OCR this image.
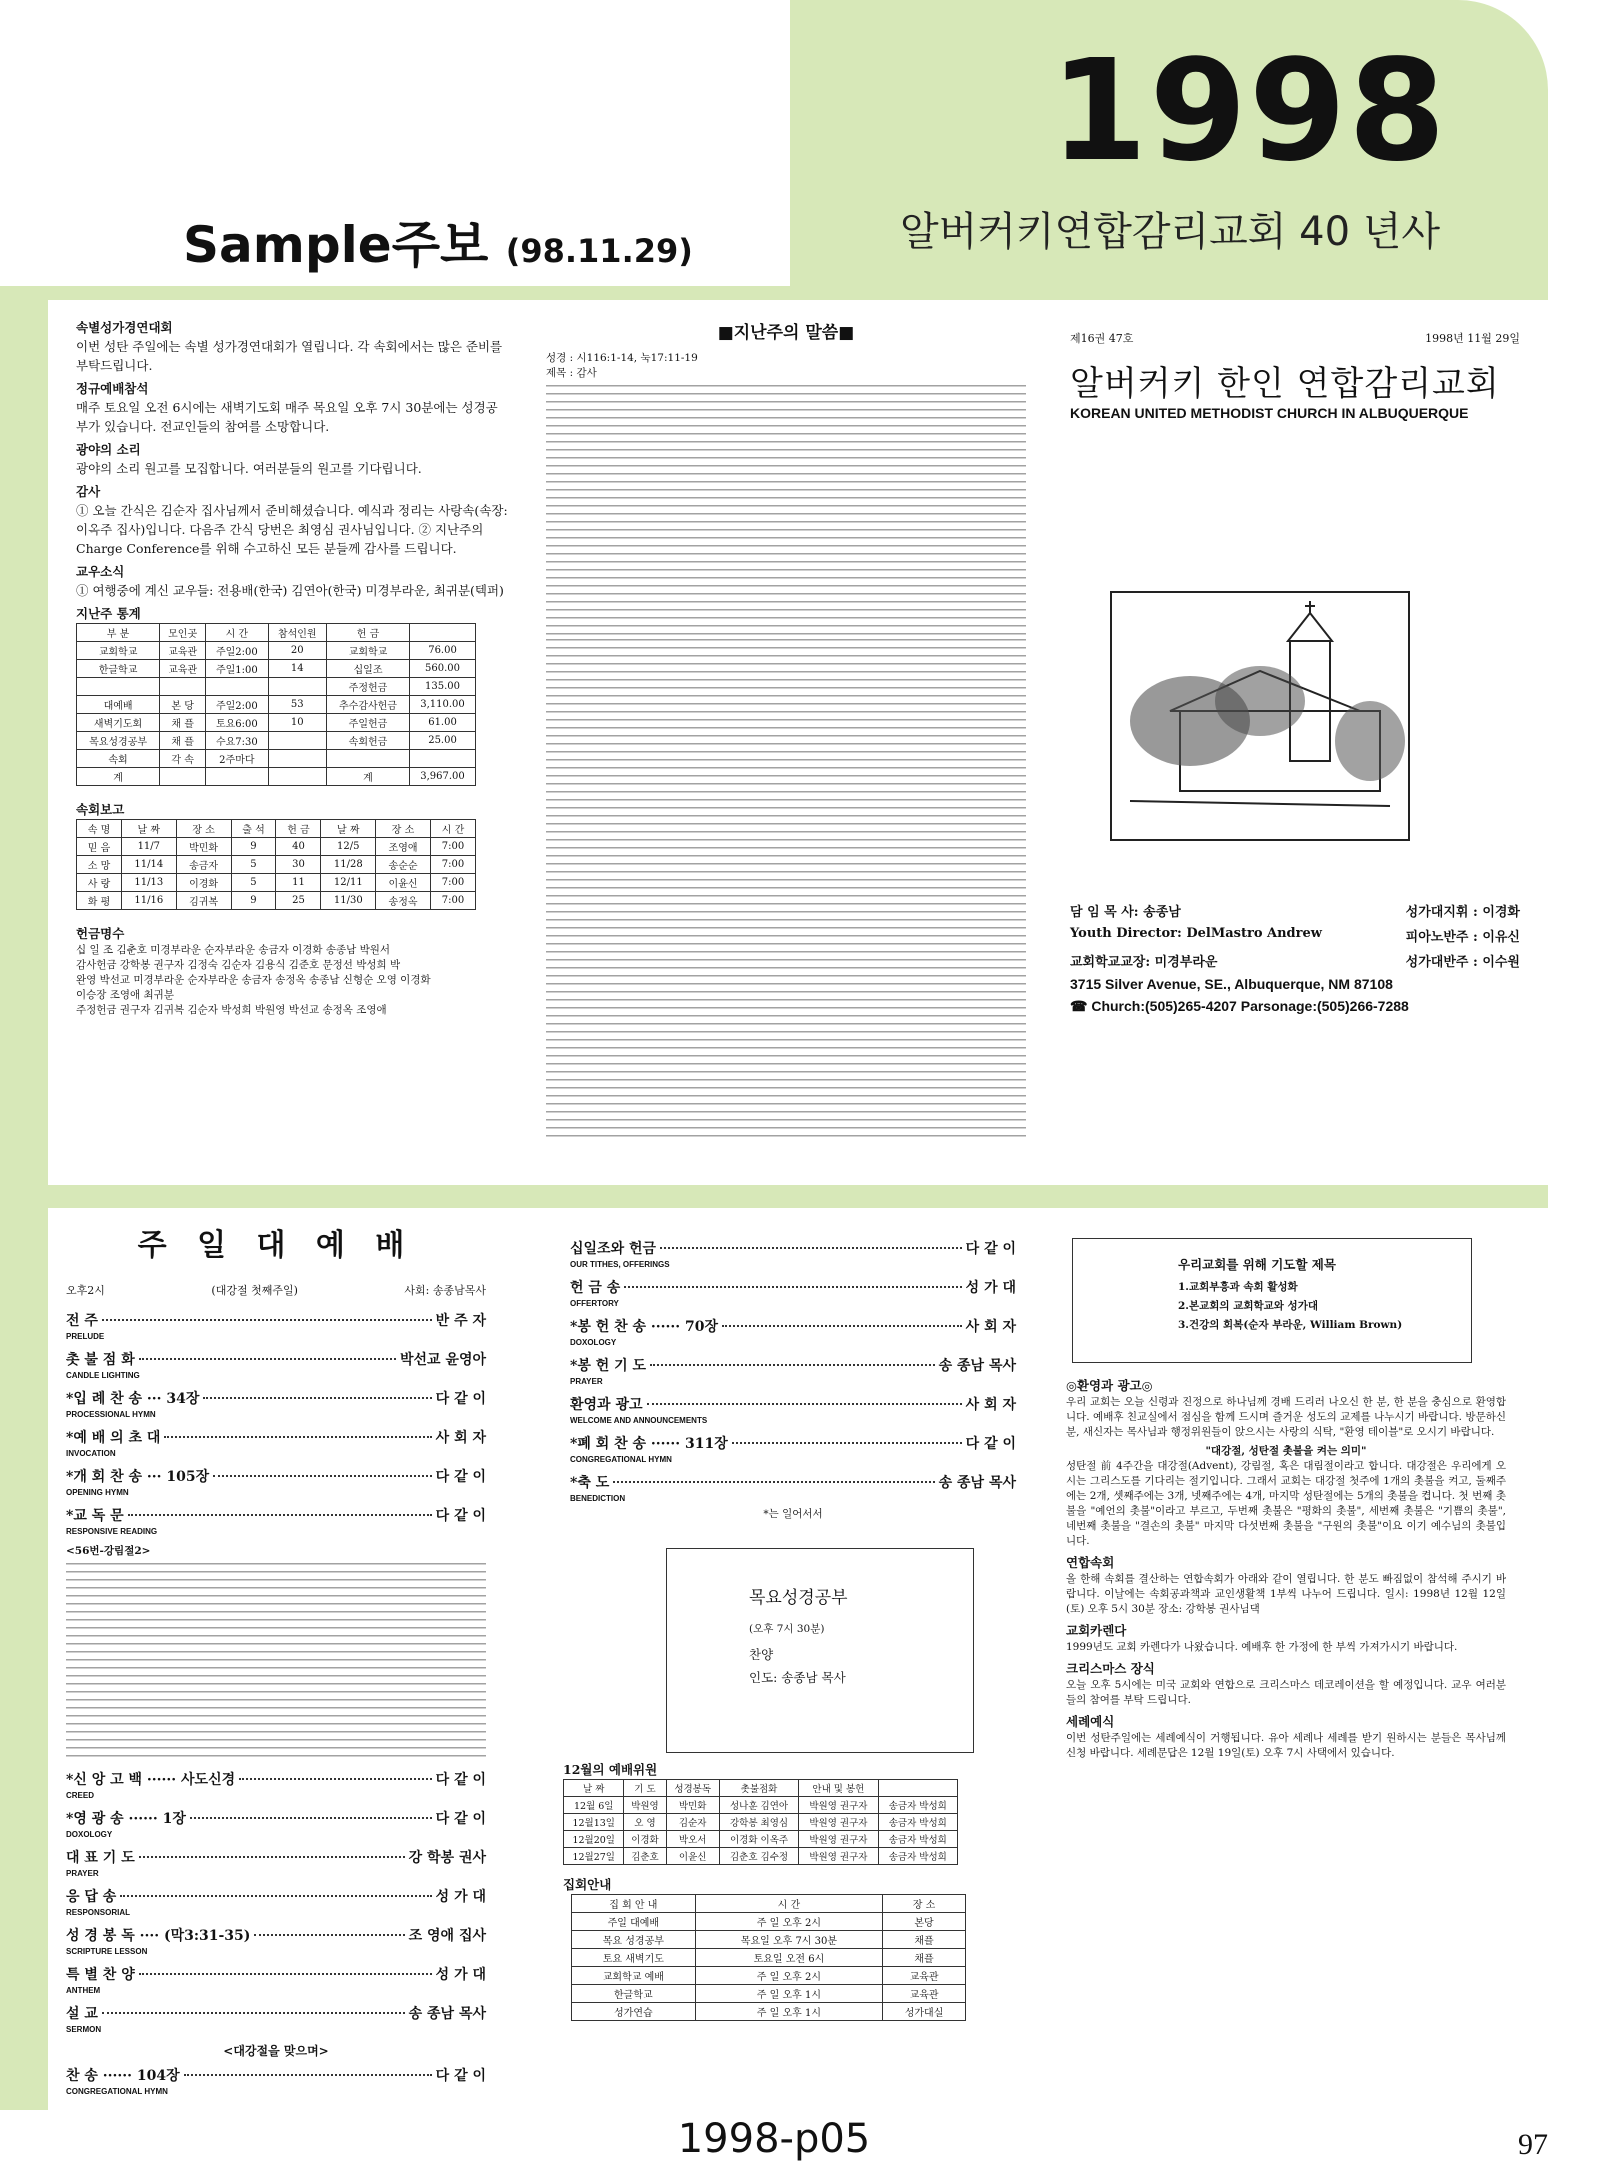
1998
알버커키연합감리교회 40 년사
Sample주보 (98.11.29)
속별성가경연대회
이번 성탄 주일에는 속별 성가경연대회가 열립니다. 각 속회에서는 많은 준비를 부탁드립니다.
정규예배참석
매주 토요일 오전 6시에는 새벽기도회 매주 목요일 오후 7시 30분에는 성경공부가 있습니다. 전교인들의 참여를 소망합니다.
광야의 소리
광야의 소리 원고를 모집합니다. 여러분들의 원고를 기다립니다.
감사
① 오늘 간식은 김순자 집사님께서 준비해셨습니다. 예식과 정리는 사랑속(속장:이옥주 집사)입니다. 다음주 간식 당번은 최영심 권사님입니다. ② 지난주의 Charge Conference를 위해 수고하신 모든 분들께 감사를 드립니다.
교우소식
① 여행중에 계신 교우들: 전용배(한국) 김연아(한국) 미경부라운, 최귀분(텍퍼)
지난주 통계
부 분	모인곳	시 간	참석인원	헌 금	
교회학교	교육관	주일2:00	20	교회학교	76.00
한글학교	교육관	주일1:00	14	십일조	560.00
				주정헌금	135.00
대예배	본 당	주일2:00	53	추수감사헌금	3,110.00
새벽기도회	채 플	토요6:00	10	주일헌금	61.00
목요성경공부	채 플	수요7:30		속회헌금	25.00
속회	각 속	2주마다			
계				계	3,967.00
속회보고
속 명	날 짜	장 소	출 석	헌 금	날 짜	장 소	시 간
믿 음	11/7	박민화	9	40	12/5	조영애	7:00
소 망	11/14	송금자	5	30	11/28	송순순	7:00
사 랑	11/13	이경화	5	11	12/11	이윤신	7:00
화 평	11/16	김귀복	9	25	11/30	송정옥	7:00
헌금명수
십 일 조 김춘호 미경부라운 순자부라운 송금자 이경화 송종남 박원서
감사헌금 강학봉 권구자 김정숙 김순자 김용식 김준호 문정선 박성희 박
완영 박선교 미경부라운 순자부라운 송금자 송정옥 송종남 신형순 오영 이경화
이승장 조영애 최귀분
주정헌금 권구자 김귀복 김순자 박성희 박원영 박선교 송정옥 조영애
■지난주의 말씀■
성경 : 시116:1-14, 눅17:11-19
제목 : 감사
제16권 47호	1998년 11월 29일
알버커키 한인 연합감리교회
KOREAN UNITED METHODIST CHURCH IN ALBUQUERQUE
담 임 목 사: 송종남	성가대지휘 : 이경화
Youth Director: DelMastro Andrew	피아노반주 : 이유신
교회학교교장: 미경부라운	성가대반주 : 이수원
3715 Silver Avenue, SE., Albuquerque, NM 87108
☎ Church:(505)265-4207 Parsonage:(505)266-7288
주 일 대 예 배
오후2시	(대강절 첫째주일)	사회: 송종남목사
전 주	반 주 자
PRELUDE
촛 불 점 화	박선교 윤영아
CANDLE LIGHTING
*입 례 찬 송 ··· 34장	다 같 이
PROCESSIONAL HYMN
*예 배 의 초 대	사 회 자
INVOCATION
*개 회 찬 송 ··· 105장	다 같 이
OPENING HYMN
*교 독 문	다 같 이
RESPONSIVE READING
<56번-강림절2>
*신 앙 고 백 ······ 사도신경	다 같 이
CREED
*영 광 송 ······ 1장	다 같 이
DOXOLOGY
대 표 기 도	강 학봉 권사
PRAYER
응 답 송	성 가 대
RESPONSORIAL
성 경 봉 독 ···· (막3:31-35)	조 영애 집사
SCRIPTURE LESSON
특 별 찬 양	성 가 대
ANTHEM
설 교	송 종남 목사
SERMON
<대강절을 맞으며>
찬 송 ······ 104장	다 같 이
CONGREGATIONAL HYMN
십일조와 헌금	다 같 이
OUR TITHES, OFFERINGS
헌 금 송	성 가 대
OFFERTORY
*봉 헌 찬 송 ······ 70장	사 회 자
DOXOLOGY
*봉 헌 기 도	송 종남 목사
PRAYER
환영과 광고	사 회 자
WELCOME AND ANNOUNCEMENTS
*폐 회 찬 송 ······ 311장	다 같 이
CONGREGATIONAL HYMN
*축 도	송 종남 목사
BENEDICTION
*는 일어서서
목요성경공부
(오후 7시 30분)
찬양
인도: 송종남 목사
12월의 예배위원
날 짜	기 도	성경봉독	촛불점화	안내 및 봉헌	
12월 6일	박원영	박민화	성나훈 김연아	박원영 권구자	송금자 박성희
12월13일	오 영	김순자	강학봉 최영심	박원영 권구자	송금자 박성희
12월20일	이경화	박오서	이경화 이옥주	박원영 권구자	송금자 박성희
12월27일	김춘호	이윤신	김춘호 김수정	박원영 권구자	송금자 박성희
집회안내
집 회 안 내	시 간	장 소
주일 대예배	주 일 오후 2시	본당
목요 성경공부	목요일 오후 7시 30분	채플
토요 새벽기도	토요일 오전 6시	채플
교회학교 예배	주 일 오후 2시	교육관
한글학교	주 일 오후 1시	교육관
성가연습	주 일 오후 1시	성가대실
우리교회를 위해 기도할 제목
1.교회부흥과 속회 활성화
2.본교회의 교회학교와 성가대
3.건강의 회복(순자 부라운, William Brown)
◎환영과 광고◎
우리 교회는 오늘 신령과 진정으로 하나님께 경배 드리러 나오신 한 분, 한 분을 충심으로 환영합니다. 예배후 친교실에서 점심을 함께 드시며 즐거운 성도의 교제를 나누시기 바랍니다. 방문하신 분, 새신자는 목사님과 행정위원들이 앉으시는 사랑의 식탁, "환영 테이블"로 오시기 바랍니다.
"대강절, 성탄절 촛불을 켜는 의미"
성탄절 前 4주간을 대강절(Advent), 강림절, 혹은 대림절이라고 합니다. 대강절은 우리에게 오시는 그리스도를 기다리는 절기입니다. 그래서 교회는 대강절 첫주에 1개의 촛불을 켜고, 둘째주에는 2개, 셋째주에는 3개, 넷째주에는 4개, 마지막 성탄절에는 5개의 촛불을 켭니다. 첫 번째 촛불을 "예언의 촛불"이라고 부르고, 두번째 촛불은 "평화의 촛불", 세번째 촛불은 "기쁨의 촛불", 네번째 촛불을 "결손의 촛불" 마지막 다섯번째 촛불을 "구원의 촛불"이요 이기 예수님의 촛불입니다.
연합속회
올 한해 속회를 결산하는 연합속회가 아래와 같이 열립니다. 한 분도 빠짐없이 참석해 주시기 바랍니다. 이날에는 속회공과책과 교인생활책 1부씩 나누어 드립니다. 일시: 1998년 12월 12일(토) 오후 5시 30분 장소: 강학봉 권사님댁
교회카렌다
1999년도 교회 카렌다가 나왔습니다. 예배후 한 가정에 한 부씩 가져가시기 바랍니다.
크리스마스 장식
오늘 오후 5시에는 미국 교회와 연합으로 크리스마스 데코레이션을 할 예정입니다. 교우 여러분들의 참여를 부탁 드립니다.
세례예식
이번 성탄주일에는 세례예식이 거행됩니다. 유아 세례나 세례를 받기 원하시는 분들은 목사님께 신청 바랍니다. 세례문답은 12월 19일(토) 오후 7시 사택에서 있습니다.
1998-p05	97
